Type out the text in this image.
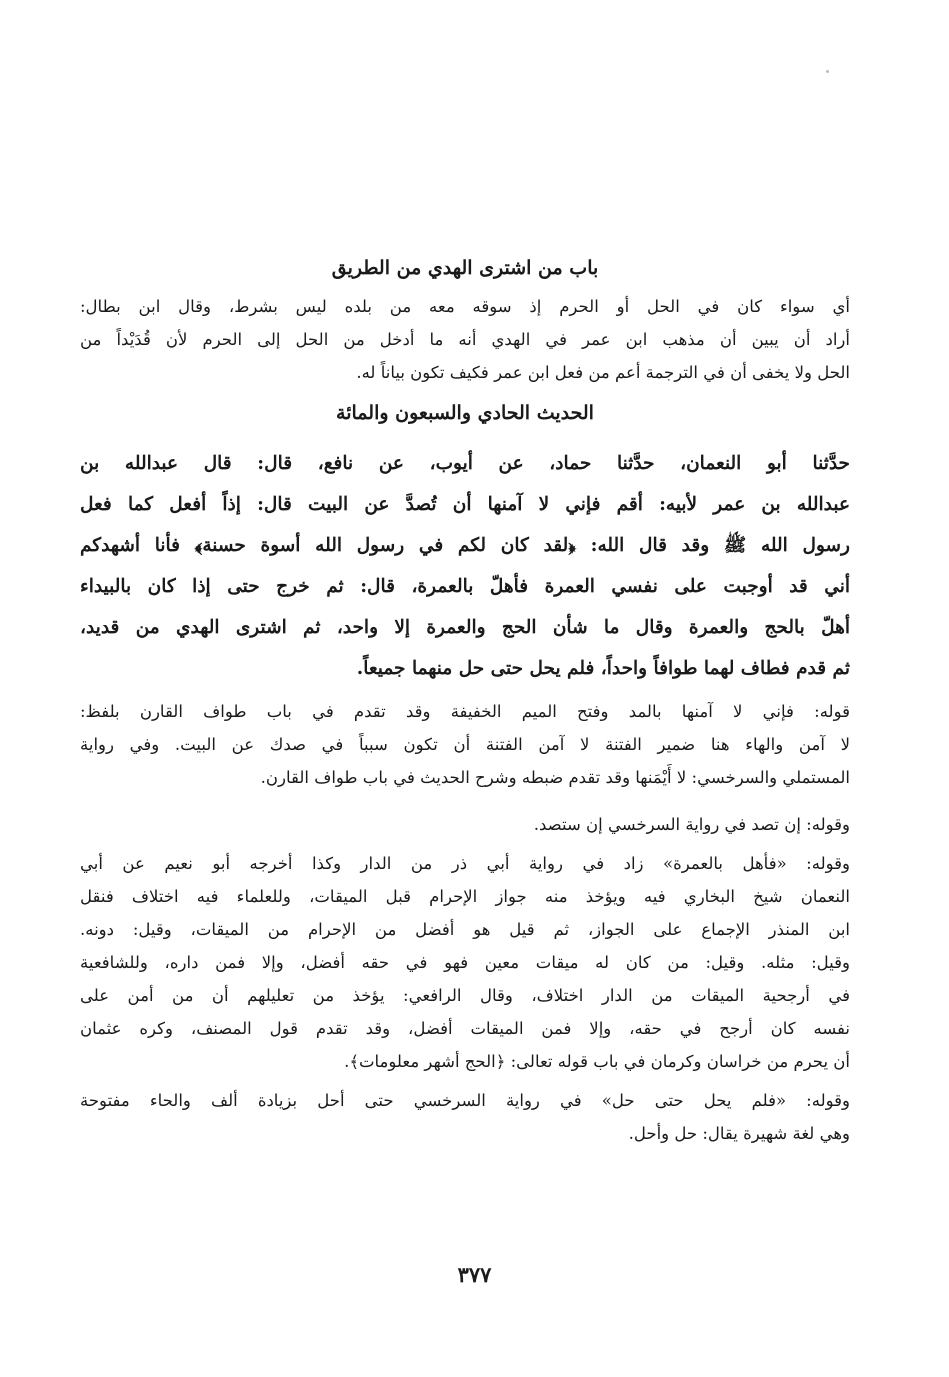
باب من اشترى الهدي من الطريق
أي سواء كان في الحل أو الحرم إذ سوقه معه من بلده ليس بشرط، وقال ابن بطال:
أراد أن يبين أن مذهب ابن عمر في الهدي أنه ما أدخل من الحل إلى الحرم لأن قُدَيْداً من
الحل ولا يخفى أن في الترجمة أعم من فعل ابن عمر فكيف تكون بياناً له.
الحديث الحادي والسبعون والمائة
حدَّثنا أبو النعمان، حدَّثنا حماد، عن أيوب، عن نافع، قال: قال عبدالله بن
عبدالله بن عمر لأبيه: أقم فإني لا آمنها أن تُصدَّ عن البيت قال: إذاً أفعل كما فعل
رسول الله ﷺ وقد قال الله: ﴿لقد كان لكم في رسول الله أسوة حسنة﴾ فأنا أشهدكم
أني قد أوجبت على نفسي العمرة فأهلّ بالعمرة، قال: ثم خرج حتى إذا كان بالبيداء
أهلّ بالحج والعمرة وقال ما شأن الحج والعمرة إلا واحد، ثم اشترى الهدي من قديد،
ثم قدم فطاف لهما طوافاً واحداً، فلم يحل حتى حل منهما جميعاً.
قوله: فإني لا آمنها بالمد وفتح الميم الخفيفة وقد تقدم في باب طواف القارن بلفظ:
لا آمن والهاء هنا ضمير الفتنة لا آمن الفتنة أن تكون سبباً في صدك عن البيت. وفي رواية
المستملي والسرخسي: لا أَيْمَنها وقد تقدم ضبطه وشرح الحديث في باب طواف القارن.
وقوله: إن تصد في رواية السرخسي إن ستصد.
وقوله: «فأهل بالعمرة» زاد في رواية أبي ذر من الدار وكذا أخرجه أبو نعيم عن أبي
النعمان شيخ البخاري فيه ويؤخذ منه جواز الإحرام قبل الميقات، وللعلماء فيه اختلاف فنقل
ابن المنذر الإجماع على الجواز، ثم قيل هو أفضل من الإحرام من الميقات، وقيل: دونه.
وقيل: مثله. وقيل: من كان له ميقات معين فهو في حقه أفضل، وإلا فمن داره، وللشافعية
في أرجحية الميقات من الدار اختلاف، وقال الرافعي: يؤخذ من تعليلهم أن من أمن على
نفسه كان أرجح في حقه، وإلا فمن الميقات أفضل، وقد تقدم قول المصنف، وكره عثمان
أن يحرم من خراسان وكرمان في باب قوله تعالى: ﴿الحج أشهر معلومات﴾.
وقوله: «فلم يحل حتى حل» في رواية السرخسي حتى أحل بزيادة ألف والحاء مفتوحة
وهي لغة شهيرة يقال: حل وأحل.
٣٧٧
